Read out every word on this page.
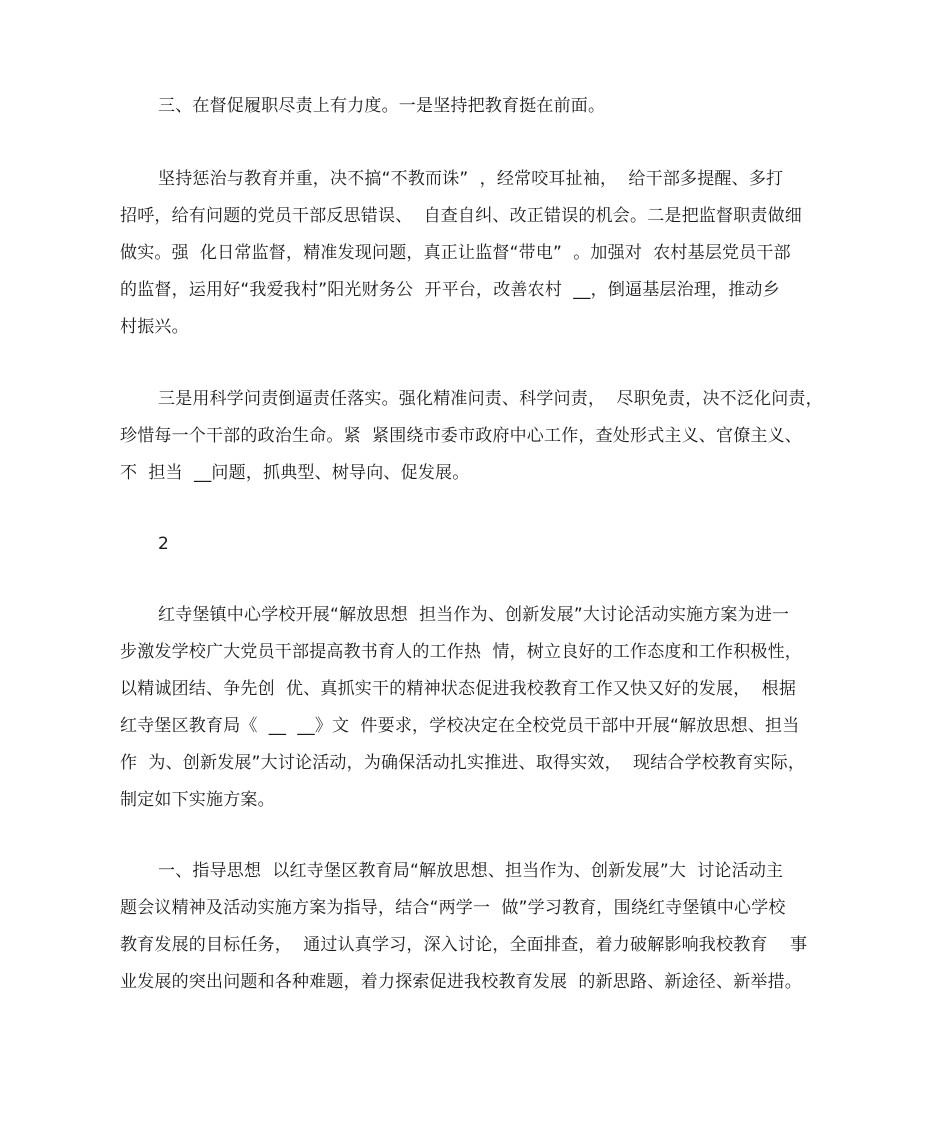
三、在督促履职尽责上有力度。一是坚持把教育挺在前面。
坚持惩治与教育并重，决不搞“不教而诛”  ，经常咬耳扯袖，  给干部多提醒、多打
招呼，给有问题的党员干部反思错误、  自查自纠、改正错误的机会。二是把监督职责做细
做实。强  化日常监督，精准发现问题，真正让监督“带电”  。加强对  农村基层党员干部
的监督，运用好“我爱我村”阳光财务公  开平台，改善农村  __，倒逼基层治理，推动乡
村振兴。
三是用科学问责倒逼责任落实。强化精准问责、科学问责，  尽职免责，决不泛化问责，
珍惜每一个干部的政治生命。紧  紧围绕市委市政府中心工作，查处形式主义、官僚主义、
不  担当  __问题，抓典型、树导向、促发展。
2
红寺堡镇中心学校开展“解放思想  担当作为、创新发展”大讨论活动实施方案为进一
步激发学校广大党员干部提高教书育人的工作热  情，树立良好的工作态度和工作积极性，
以精诚团结、争先创  优、真抓实干的精神状态促进我校教育工作又快又好的发展，  根据
红寺堡区教育局《  __  __》文  件要求，学校决定在全校党员干部中开展“解放思想、担当
作  为、创新发展”大讨论活动，为确保活动扎实推进、取得实效，  现结合学校教育实际，
制定如下实施方案。
一、指导思想  以红寺堡区教育局“解放思想、担当作为、创新发展”大  讨论活动主
题会议精神及活动实施方案为指导，结合“两学一  做”学习教育，围绕红寺堡镇中心学校
教育发展的目标任务，  通过认真学习，深入讨论，全面排查，着力破解影响我校教育    事
业发展的突出问题和各种难题，着力探索促进我校教育发展  的新思路、新途径、新举措。
